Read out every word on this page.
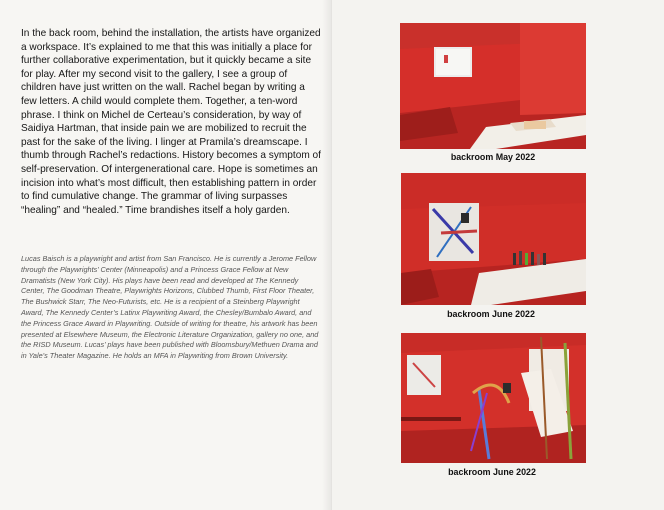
In the back room, behind the installation, the artists have organized a workspace. It’s explained to me that this was initially a place for further collaborative experimentation, but it quickly became a site for play. After my second visit to the gallery, I see a group of children have just written on the wall. Rachel began by writing a few letters. A child would complete them. Together, a ten-word phrase. I think on Michel de Certeau’s consideration, by way of Saidiya Hartman, that inside pain we are mobilized to recruit the past for the sake of the living. I linger at Pramila’s dreamscape. I thumb through Rachel’s redactions. History becomes a symptom of self-preservation. Of intergenerational care. Hope is sometimes an incision into what’s most difficult, then establishing pattern in order to find cumulative change. The grammar of living surpasses “healing” and “healed.” Time brandishes itself a holy garden.

Lucas Baisch is a playwright and artist from San Francisco. He is currently a Jerome Fellow through the Playwrights’ Center (Minneapolis) and a Princess Grace Fellow at New Dramatists (New York City). His plays have been read and developed at The Kennedy Center, The Goodman Theatre, Playwrights Horizons, Clubbed Thumb, First Floor Theater, The Bushwick Starr, The Neo-Futurists, etc. He is a recipient of a Steinberg Playwright Award, The Kennedy Center’s Latinx Playwriting Award, the Chesley/Bumbalo Award, and the Princess Grace Award in Playwriting. Outside of writing for theatre, his artwork has been presented at Elsewhere Museum, the Electronic Literature Organization, gallery no one, and the RISD Museum. Lucas’ plays have been published with Bloomsbury/Methuen Drama and in Yale’s Theater Magazine. He holds an MFA in Playwriting from Brown University.

backroom May 2022
backroom June 2022
backroom June 2022
